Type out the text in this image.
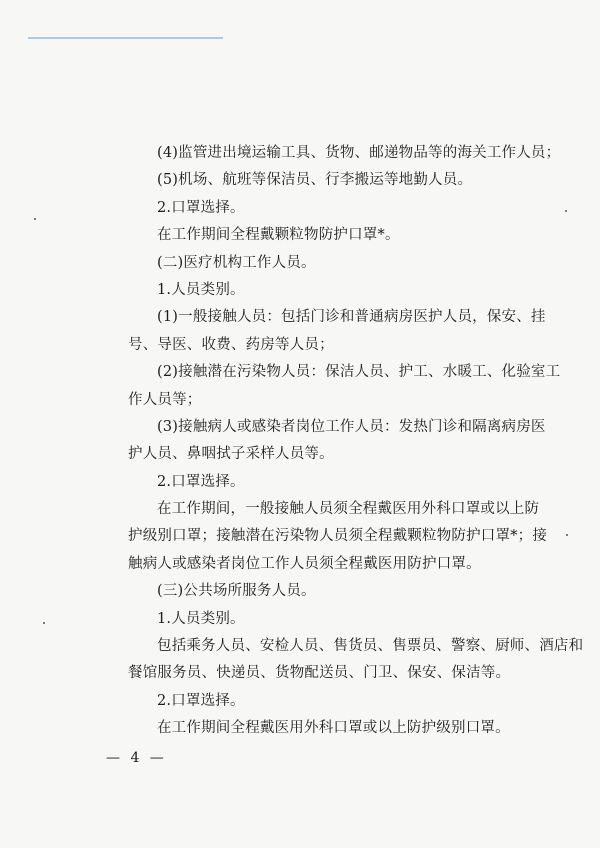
(4)监管进出境运输工具、货物、邮递物品等的海关工作人员；
(5)机场、航班等保洁员、行李搬运等地勤人员。
2.口罩选择。
在工作期间全程戴颗粒物防护口罩*。
(二)医疗机构工作人员。
1.人员类别。
(1)一般接触人员：包括门诊和普通病房医护人员，保安、挂
号、导医、收费、药房等人员；
(2)接触潜在污染物人员：保洁人员、护工、水暖工、化验室工
作人员等；
(3)接触病人或感染者岗位工作人员：发热门诊和隔离病房医
护人员、鼻咽拭子采样人员等。
2.口罩选择。
在工作期间，一般接触人员须全程戴医用外科口罩或以上防
护级别口罩；接触潜在污染物人员须全程戴颗粒物防护口罩*；接
触病人或感染者岗位工作人员须全程戴医用防护口罩。
(三)公共场所服务人员。
1.人员类别。
包括乘务人员、安检人员、售货员、售票员、警察、厨师、酒店和
餐馆服务员、快递员、货物配送员、门卫、保安、保洁等。
2.口罩选择。
在工作期间全程戴医用外科口罩或以上防护级别口罩。
— 4 —
